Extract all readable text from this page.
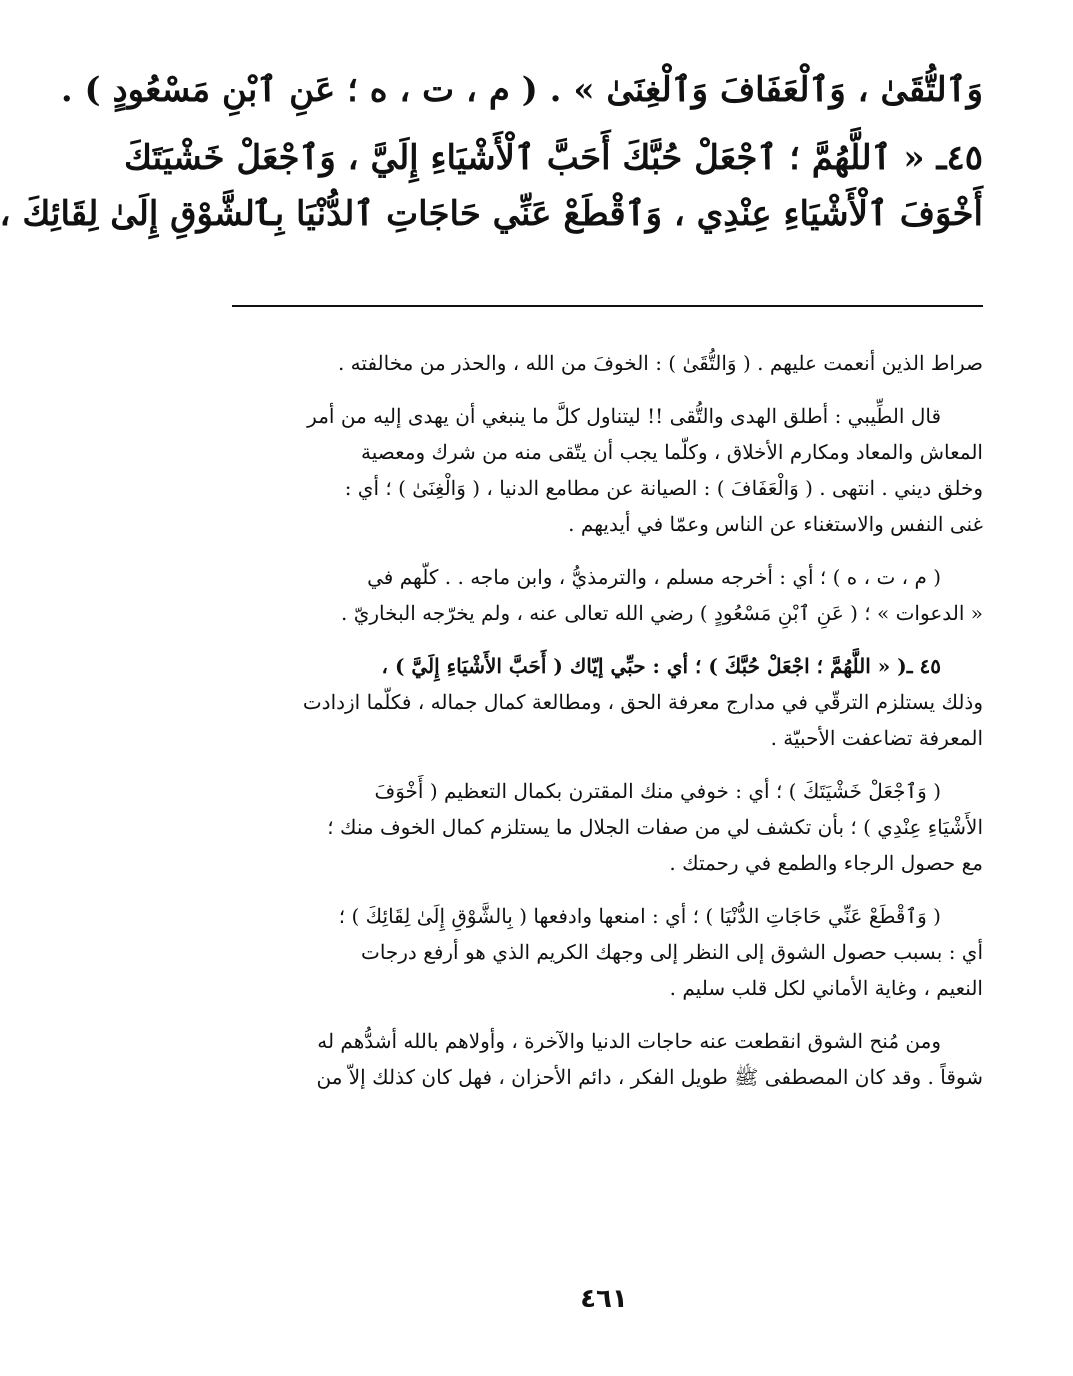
وَٱلتُّقَىٰ ، وَٱلْعَفَافَ وَٱلْغِنَىٰ » . ( م ، ت ، ه ؛ عَنِ ٱبْنِ مَسْعُودٍ ) .
٤٥ـ « ٱللَّهُمَّ ؛ ٱجْعَلْ حُبَّكَ أَحَبَّ ٱلْأَشْيَاءِ إِلَيَّ ، وَٱجْعَلْ خَشْيَتَكَ
أَخْوَفَ ٱلْأَشْيَاءِ عِنْدِي ، وَٱقْطَعْ عَنِّي حَاجَاتِ ٱلدُّنْيَا بِٱلشَّوْقِ إِلَىٰ لِقَائِكَ ،
صراط الذين أنعمت عليهم . ( وَالتُّقَىٰ ) : الخوفَ من الله ، والحذر من مخالفته .
قال الطِّيبي : أطلق الهدى والتُّقى !! ليتناول كلَّ ما ينبغي أن يهدى إليه من أمر
المعاش والمعاد ومكارم الأخلاق ، وكلّما يجب أن يتّقى منه من شرك ومعصية
وخلق ديني . انتهى . ( وَالْعَفَافَ ) : الصيانة عن مطامع الدنيا ، ( وَالْغِنَىٰ ) ؛ أي :
غنى النفس والاستغناء عن الناس وعمّا في أيديهم .
( م ، ت ، ه ) ؛ أي : أخرجه مسلم ، والترمذيُّ ، وابن ماجه . . كلّهم في
« الدعوات » ؛ ( عَنِ ٱبْنِ مَسْعُودٍ ) رضي الله تعالى عنه ، ولم يخرّجه البخاريّ .
٤٥ ـ( « اللَّهُمَّ ؛ اجْعَلْ حُبَّكَ ) ؛ أي : حبِّي إيّاك ( أَحَبَّ الأَشْيَاءِ إِلَيَّ ) ،
وذلك يستلزم الترقّي في مدارج معرفة الحق ، ومطالعة كمال جماله ، فكلّما ازدادت
المعرفة تضاعفت الأحبيّة .
( وَٱجْعَلْ خَشْيَتَكَ ) ؛ أي : خوفي منك المقترن بكمال التعظيم ( أَخْوَفَ
الأَشْيَاءِ عِنْدِي ) ؛ بأن تكشف لي من صفات الجلال ما يستلزم كمال الخوف منك ؛
مع حصول الرجاء والطمع في رحمتك .
( وَٱقْطَعْ عَنِّي حَاجَاتِ الدُّنْيَا ) ؛ أي : امنعها وادفعها ( بِالشَّوْقِ إِلَىٰ لِقَائِكَ ) ؛
أي : بسبب حصول الشوق إلى النظر إلى وجهك الكريم الذي هو أرفع درجات
النعيم ، وغاية الأماني لكل قلب سليم .
ومن مُنح الشوق انقطعت عنه حاجات الدنيا والآخرة ، وأولاهم بالله أشدُّهم له
شوقاً . وقد كان المصطفى ﷺ طويل الفكر ، دائم الأحزان ، فهل كان كذلك إلاّ من
٤٦١
